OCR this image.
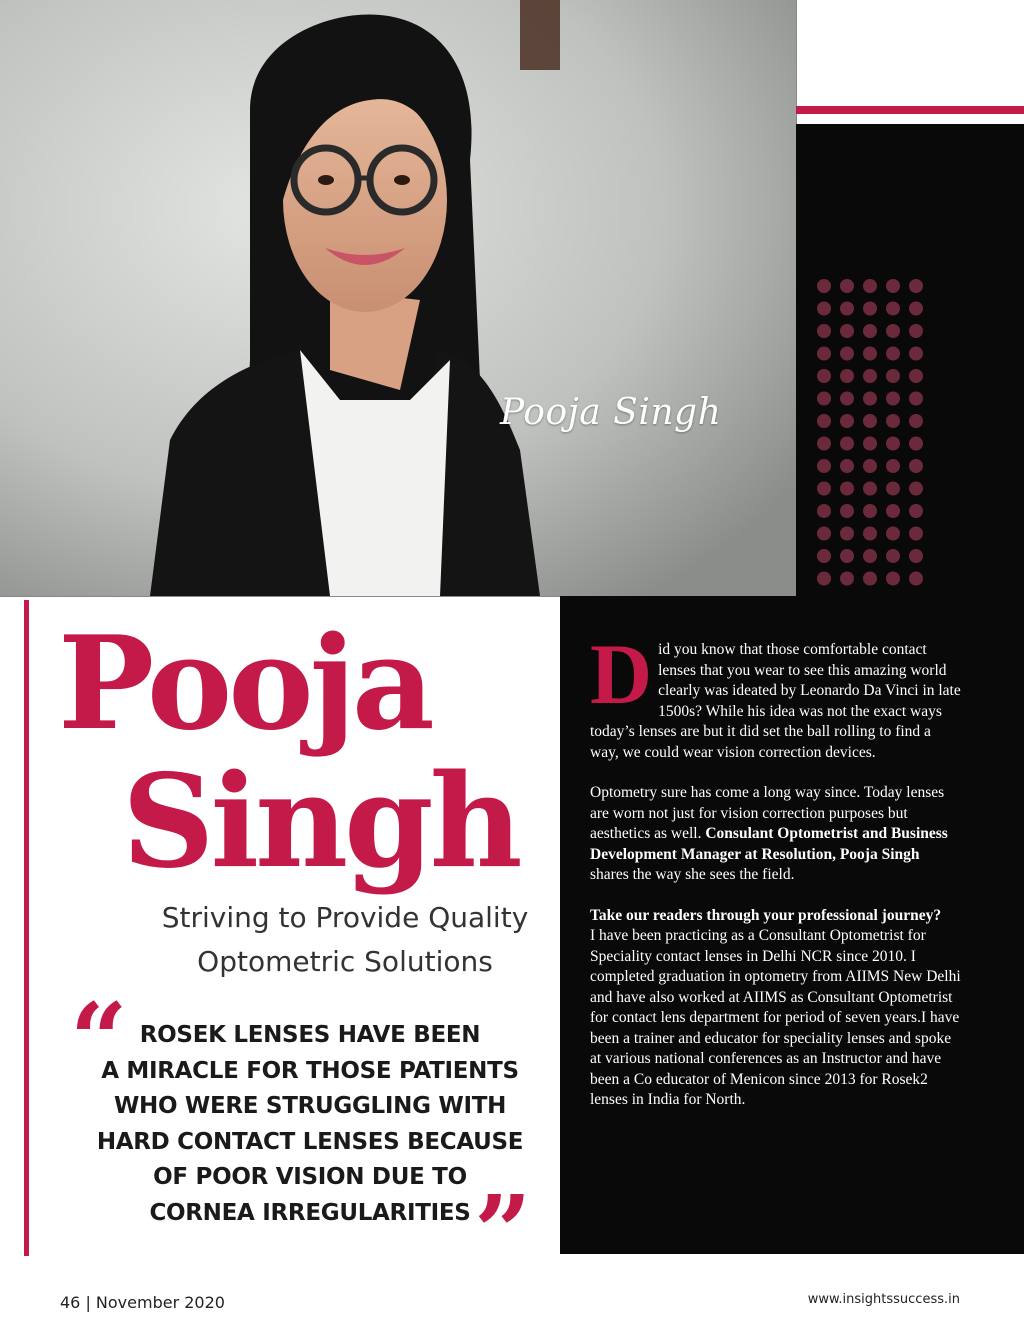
Pooja Singh
Pooja
Singh
Striving to Provide Quality
Optometric Solutions
“ ROSEK LENSES HAVE BEEN
A MIRACLE FOR THOSE PATIENTS
WHO WERE STRUGGLING WITH
HARD CONTACT LENSES BECAUSE
OF POOR VISION DUE TO
CORNEA IRREGULARITIES ”

Did you know that those comfortable contact lenses that you wear to see this amazing world clearly was ideated by Leonardo Da Vinci in late 1500s? While his idea was not the exact ways today’s lenses are but it did set the ball rolling to find a way, we could wear vision correction devices.

Optometry sure has come a long way since. Today lenses are worn not just for vision correction purposes but aesthetics as well. Consulant Optometrist and Business Development Manager at Resolution, Pooja Singh shares the way she sees the field.

Take our readers through your professional journey?
I have been practicing as a Consultant Optometrist for Speciality contact lenses in Delhi NCR since 2010. I completed graduation in optometry from AIIMS New Delhi and have also worked at AIIMS as Consultant Optometrist for contact lens department for period of seven years.I have been a trainer and educator for speciality lenses and spoke at various national conferences as an Instructor and have been a Co educator of Menicon since 2013 for Rosek2 lenses in India for North.

46 | November 2020	www.insightssuccess.in
